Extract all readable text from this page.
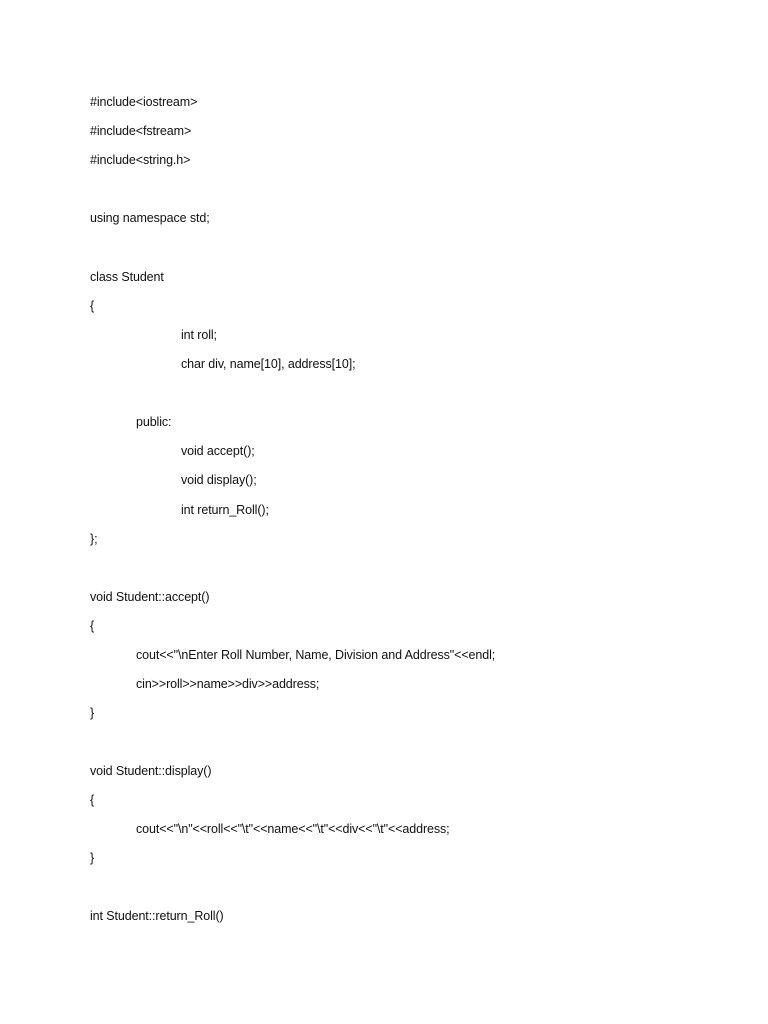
#include<iostream>
#include<fstream>
#include<string.h>
using namespace std;
class Student
{
int roll;
char div, name[10], address[10];
public:
void accept();
void display();
int return_Roll();
};
void Student::accept()
{
cout<<"\nEnter Roll Number, Name, Division and Address"<<endl;
cin>>roll>>name>>div>>address;
}
void Student::display()
{
cout<<"\n"<<roll<<"\t"<<name<<"\t"<<div<<"\t"<<address;
}
int Student::return_Roll()
